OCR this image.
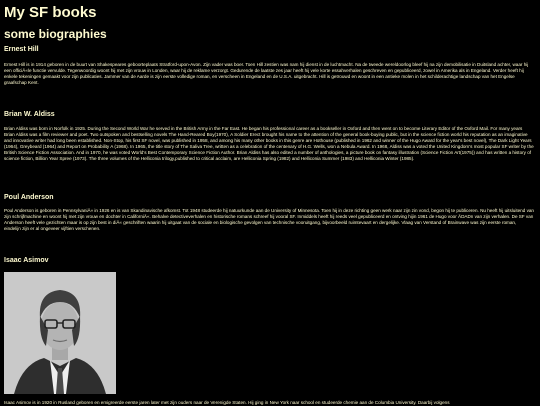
My SF books
some biographies
Ernest Hill
Ernest Hill is in 1914 geboren in de buurt van Shakespeares geboorteplaats Stratford-upon-Avon. Zijn vader was boer. Toen Hill zestien was nam hij dienst in de luchtmacht. Na de tweede wereldoorlog bleef hij na zijn demobilisatie in Duitsland achter, waar hij een officiÃ«le functie vervulde. Tegenwoordig woont hij met zijn vrouw in Londen, waar hij de reklame verzorgt. Gedurende de laatste zes jaar heeft hij vele korte essahverhalen geschreven en gepubliceerd, zowel in Amerika als in Engeland. Verder heeft hij enkele tekeningen gemaakt voor zijn publicaties. Jammer van de Aarde is zijn eerste volledige roman, en verscheen in Engeland en de U.S.A. uitgebracht. Hill is getrouwd en woont in een antieke molen in het schilderachtige landschap van het Engelse graafschap Kent.
Brian W. Aldiss
Brian Aldiss was born in Norfolk in 1925. During the Second World War he served in the British Army in the Far East. He began his professional career as a bookseller in Oxford and then went on to become Literary Editor of the Oxford Mail. For many years Brian Aldiss was a film reviewer and poet. Two outspoken and bestselling novels The Hand-Reared Boy(1970), A Soldier Erect brought his name to the attention of the general book-buying public, but in the science fiction world his reputation as an imaginative and innovative writer had long been established. Non-Stop, his first SF novel, was published in 1958, and among his many other books in this genre are Hothouse (published in 1962 and winner of the Hugo Award for the year's best novel), The Dark Light Years (1964), Greybeard (1964) and Report on Probability A (1968). In 1965, the title story of The Saliva Tree, written as a celebration of the centenary of H.G. Wells, won a Nebula Award. In 1968, Aldiss was a voted the United Kingdom's most popular SF writer by the British Science Fiction Association. And in 1970, he was voted World's Best Contemporary Science Fiction Author. Brian Aldiss has also edited a number of anthologies, a picture book on fantasy illustration (Science Fiction Art(1975)) and has written a history of science fiction, Billion Year Spree (1973). The three volumes of the Helliconia trilogy,published to critical acclaim, are Helliconia Spring (1982) and Helliconia Summer (1983) and Helliconia Winter (1985).
Poul Anderson
Poul Anderson is geboren in PennsylvaniÃ« in 1926 en is van Skandinavische afkomst. Tot 1948 studeerde hij natuurkunde aan de University of Minnesota. Toen hij in deze richting geen werk naar zijn zin vond, begon hij te publiceren. Nu heeft hij uitsluitend van zijn schrijfmachine en woont hij met zijn vrouw en dochter in CaliforniÃ«. Behalve detectiveverhalen en historische romans schreef hij vooral SF. Inmiddels heeft hij reeds veel gepubliceerd en ontving hijin 1961 de Hugo voor ÃDADn van zijn verhalen. De SF van Anderson heeft vele gezichten maar is op zijn best in diÃ« geschriften waarin hij uitgaat van de sociale en biologische gevolgen van technische vooruitgang, bijvoorbeeld ruimtevaart en dergelijke. Vlaag van Verstand of Brainwave was zijn eerste roman, eindelijn zijn er al ongeveer vijftien verschenen.
Isaac Asimov
Isaac Asimov is in 1920 in Rusland geboren en emigreerde eerste jaren later met zijn ouders naar de Verenigde Staten. Hij ging in New York naar school en studeerde chemie aan de Columbia University. Daarbij volgens
